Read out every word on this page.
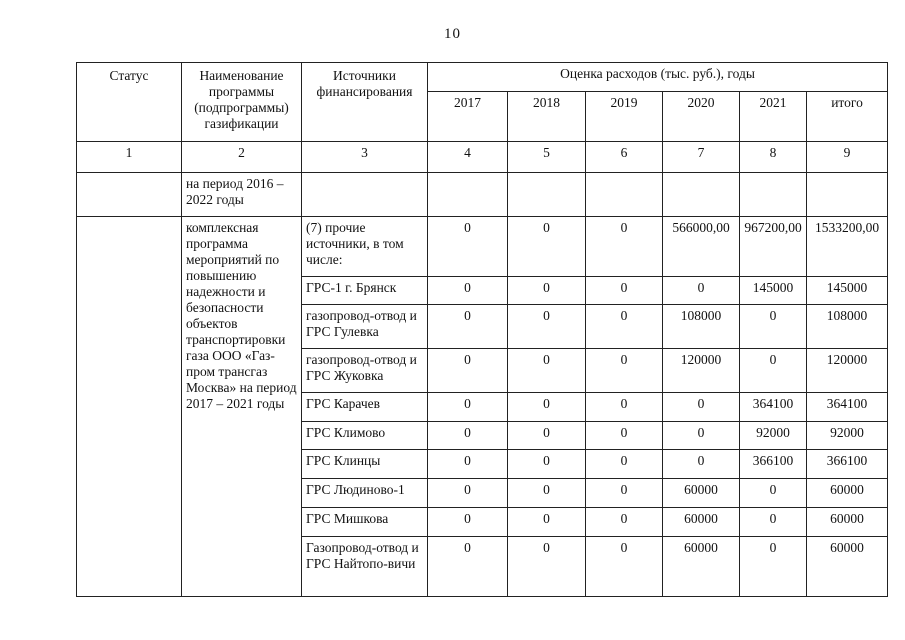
10
Статус	Наименование программы (подпрограммы) газификации	Источники финансирования	Оценка расходов (тыс. руб.), годы					
			2017	2018	2019	2020	2021	итого
1	2	3	4	5	6	7	8	9
	на период 2016 – 2022 годы							
	комплексная программа мероприятий по повышению надежности и безопасности объектов транспортировки газа ООО «Газ-пром трансгаз Москва» на период 2017 – 2021 годы	(7) прочие источники, в том числе:	0	0	0	566000,00	967200,00	1533200,00
		ГРС-1 г. Брянск	0	0	0	0	145000	145000
		газопровод-отвод и ГРС Гулевка	0	0	0	108000	0	108000
		газопровод-отвод и ГРС Жуковка	0	0	0	120000	0	120000
		ГРС Карачев	0	0	0	0	364100	364100
		ГРС Климово	0	0	0	0	92000	92000
		ГРС Клинцы	0	0	0	0	366100	366100
		ГРС Людиново-1	0	0	0	60000	0	60000
		ГРС Мишкова	0	0	0	60000	0	60000
		Газопровод-отвод и ГРС Найтопо-вичи	0	0	0	60000	0	60000
